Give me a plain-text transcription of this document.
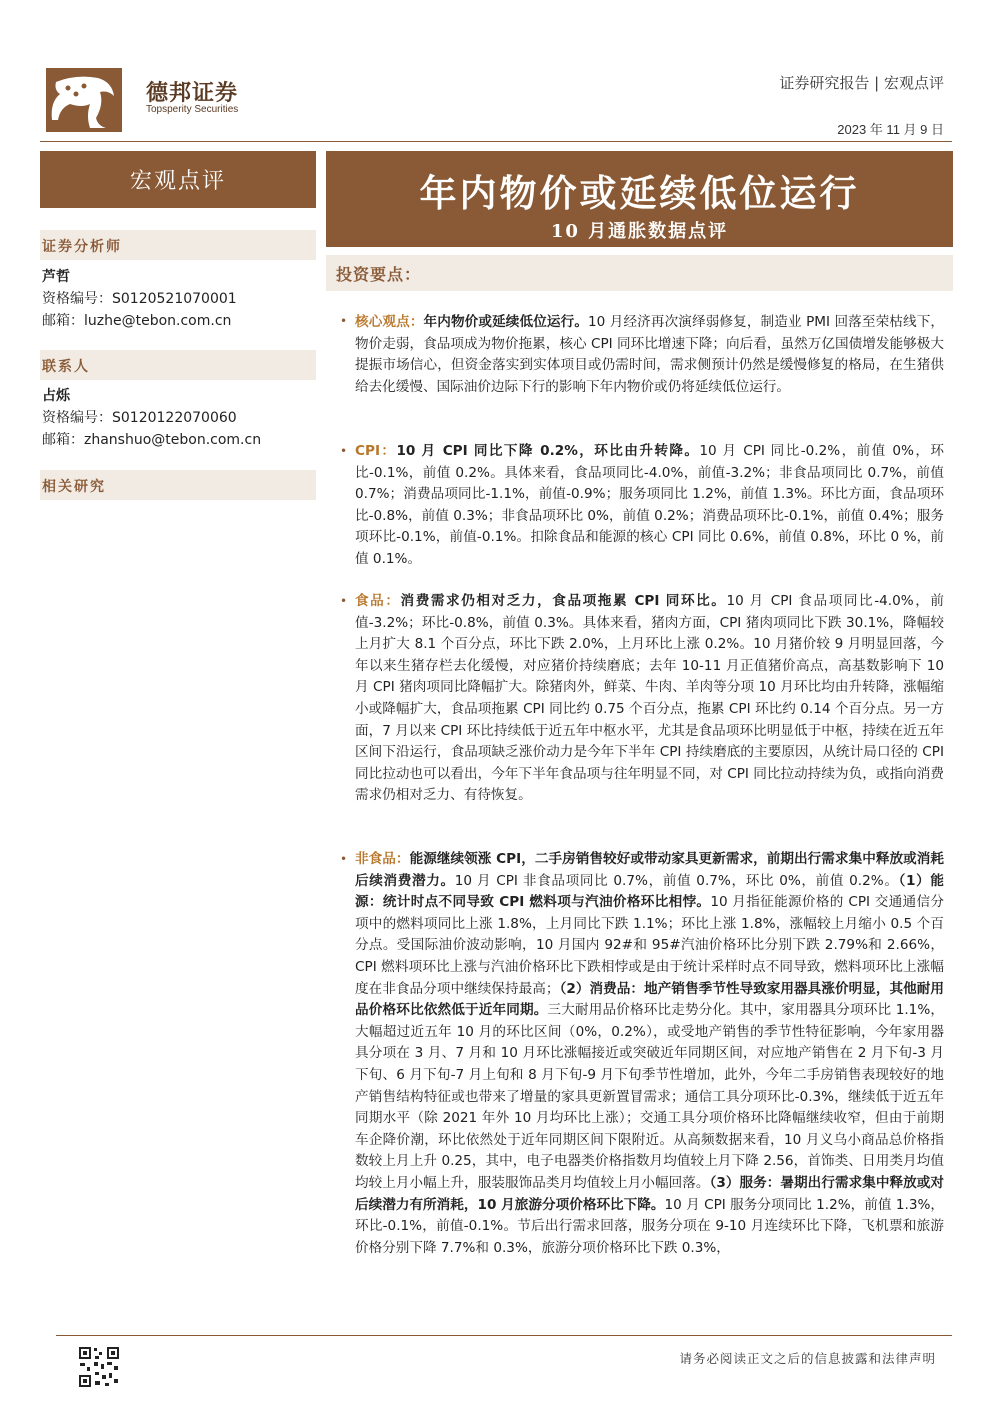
德邦证券
Topsperity Securities
证券研究报告 | 宏观点评
2023 年 11 月 9 日
宏观点评	年内物价或延续低位运行
10 月通胀数据点评
投资要点：
证券分析师
芦哲
资格编号：S0120521070001
邮箱：luzhe@tebon.com.cn
联系人
占烁
资格编号：S0120122070060
邮箱：zhanshuo@tebon.com.cn
相关研究
• 核心观点：年内物价或延续低位运行。10 月经济再次演绎弱修复，制造业 PMI 回落至荣枯线下，物价走弱，食品项成为物价拖累，核心 CPI 同环比增速下降；向后看，虽然万亿国债增发能够极大提振市场信心，但资金落实到实体项目或仍需时间，需求侧预计仍然是缓慢修复的格局，在生猪供给去化缓慢、国际油价边际下行的影响下年内物价或仍将延续低位运行。
• CPI：10 月 CPI 同比下降 0.2%，环比由升转降。10 月 CPI 同比-0.2%，前值 0%，环比-0.1%，前值 0.2%。具体来看，食品项同比-4.0%，前值-3.2%；非食品项同比 0.7%，前值 0.7%；消费品项同比-1.1%，前值-0.9%；服务项同比 1.2%，前值 1.3%。环比方面，食品项环比-0.8%，前值 0.3%；非食品项环比 0%，前值 0.2%；消费品项环比-0.1%，前值 0.4%；服务项环比-0.1%，前值-0.1%。扣除食品和能源的核心 CPI 同比 0.6%，前值 0.8%，环比 0 %，前值 0.1%。
• 食品：消费需求仍相对乏力，食品项拖累 CPI 同环比。10 月 CPI 食品项同比-4.0%，前值-3.2%；环比-0.8%，前值 0.3%。具体来看，猪肉方面，CPI 猪肉项同比下跌 30.1%，降幅较上月扩大 8.1 个百分点，环比下跌 2.0%，上月环比上涨 0.2%。10 月猪价较 9 月明显回落，今年以来生猪存栏去化缓慢，对应猪价持续磨底；去年 10-11 月正值猪价高点，高基数影响下 10 月 CPI 猪肉项同比降幅扩大。除猪肉外，鲜菜、牛肉、羊肉等分项 10 月环比均由升转降，涨幅缩小或降幅扩大，食品项拖累 CPI 同比约 0.75 个百分点，拖累 CPI 环比约 0.14 个百分点。另一方面，7 月以来 CPI 环比持续低于近五年中枢水平，尤其是食品项环比明显低于中枢，持续在近五年区间下沿运行，食品项缺乏涨价动力是今年下半年 CPI 持续磨底的主要原因，从统计局口径的 CPI 同比拉动也可以看出，今年下半年食品项与往年明显不同，对 CPI 同比拉动持续为负，或指向消费需求仍相对乏力、有待恢复。
• 非食品：能源继续领涨 CPI，二手房销售较好或带动家具更新需求，前期出行需求集中释放或消耗后续消费潜力。10 月 CPI 非食品项同比 0.7%，前值 0.7%，环比 0%，前值 0.2%。（1）能源：统计时点不同导致 CPI 燃料项与汽油价格环比相悖。10 月指征能源价格的 CPI 交通通信分项中的燃料项同比上涨 1.8%，上月同比下跌 1.1%；环比上涨 1.8%，涨幅较上月缩小 0.5 个百分点。受国际油价波动影响，10 月国内 92#和 95#汽油价格环比分别下跌 2.79%和 2.66%，CPI 燃料项环比上涨与汽油价格环比下跌相悖或是由于统计采样时点不同导致，燃料项环比上涨幅度在非食品分项中继续保持最高；（2）消费品：地产销售季节性导致家用器具涨价明显，其他耐用品价格环比依然低于近年同期。三大耐用品价格环比走势分化。其中，家用器具分项环比 1.1%，大幅超过近五年 10 月的环比区间（0%，0.2%），或受地产销售的季节性特征影响，今年家用器具分项在 3 月、7 月和 10 月环比涨幅接近或突破近年同期区间，对应地产销售在 2 月下旬-3 月下旬、6 月下旬-7 月上旬和 8 月下旬-9 月下旬季节性增加，此外，今年二手房销售表现较好的地产销售结构特征或也带来了增量的家具更新置冒需求；通信工具分项环比-0.3%，继续低于近五年同期水平（除 2021 年外 10 月均环比上涨）；交通工具分项价格环比降幅继续收窄，但由于前期车企降价潮，环比依然处于近年同期区间下限附近。从高频数据来看，10 月义乌小商品总价格指数较上月上升 0.25，其中，电子电器类价格指数月均值较上月下降 2.56，首饰类、日用类月均值均较上月小幅上升，服装服饰品类月均值较上月小幅回落。（3）服务：暑期出行需求集中释放或对后续潜力有所消耗，10 月旅游分项价格环比下降。10 月 CPI 服务分项同比 1.2%，前值 1.3%，环比-0.1%，前值-0.1%。节后出行需求回落，服务分项在 9-10 月连续环比下降，飞机票和旅游价格分别下降 7.7%和 0.3%，旅游分项价格环比下跌 0.3%，
请务必阅读正文之后的信息披露和法律声明
